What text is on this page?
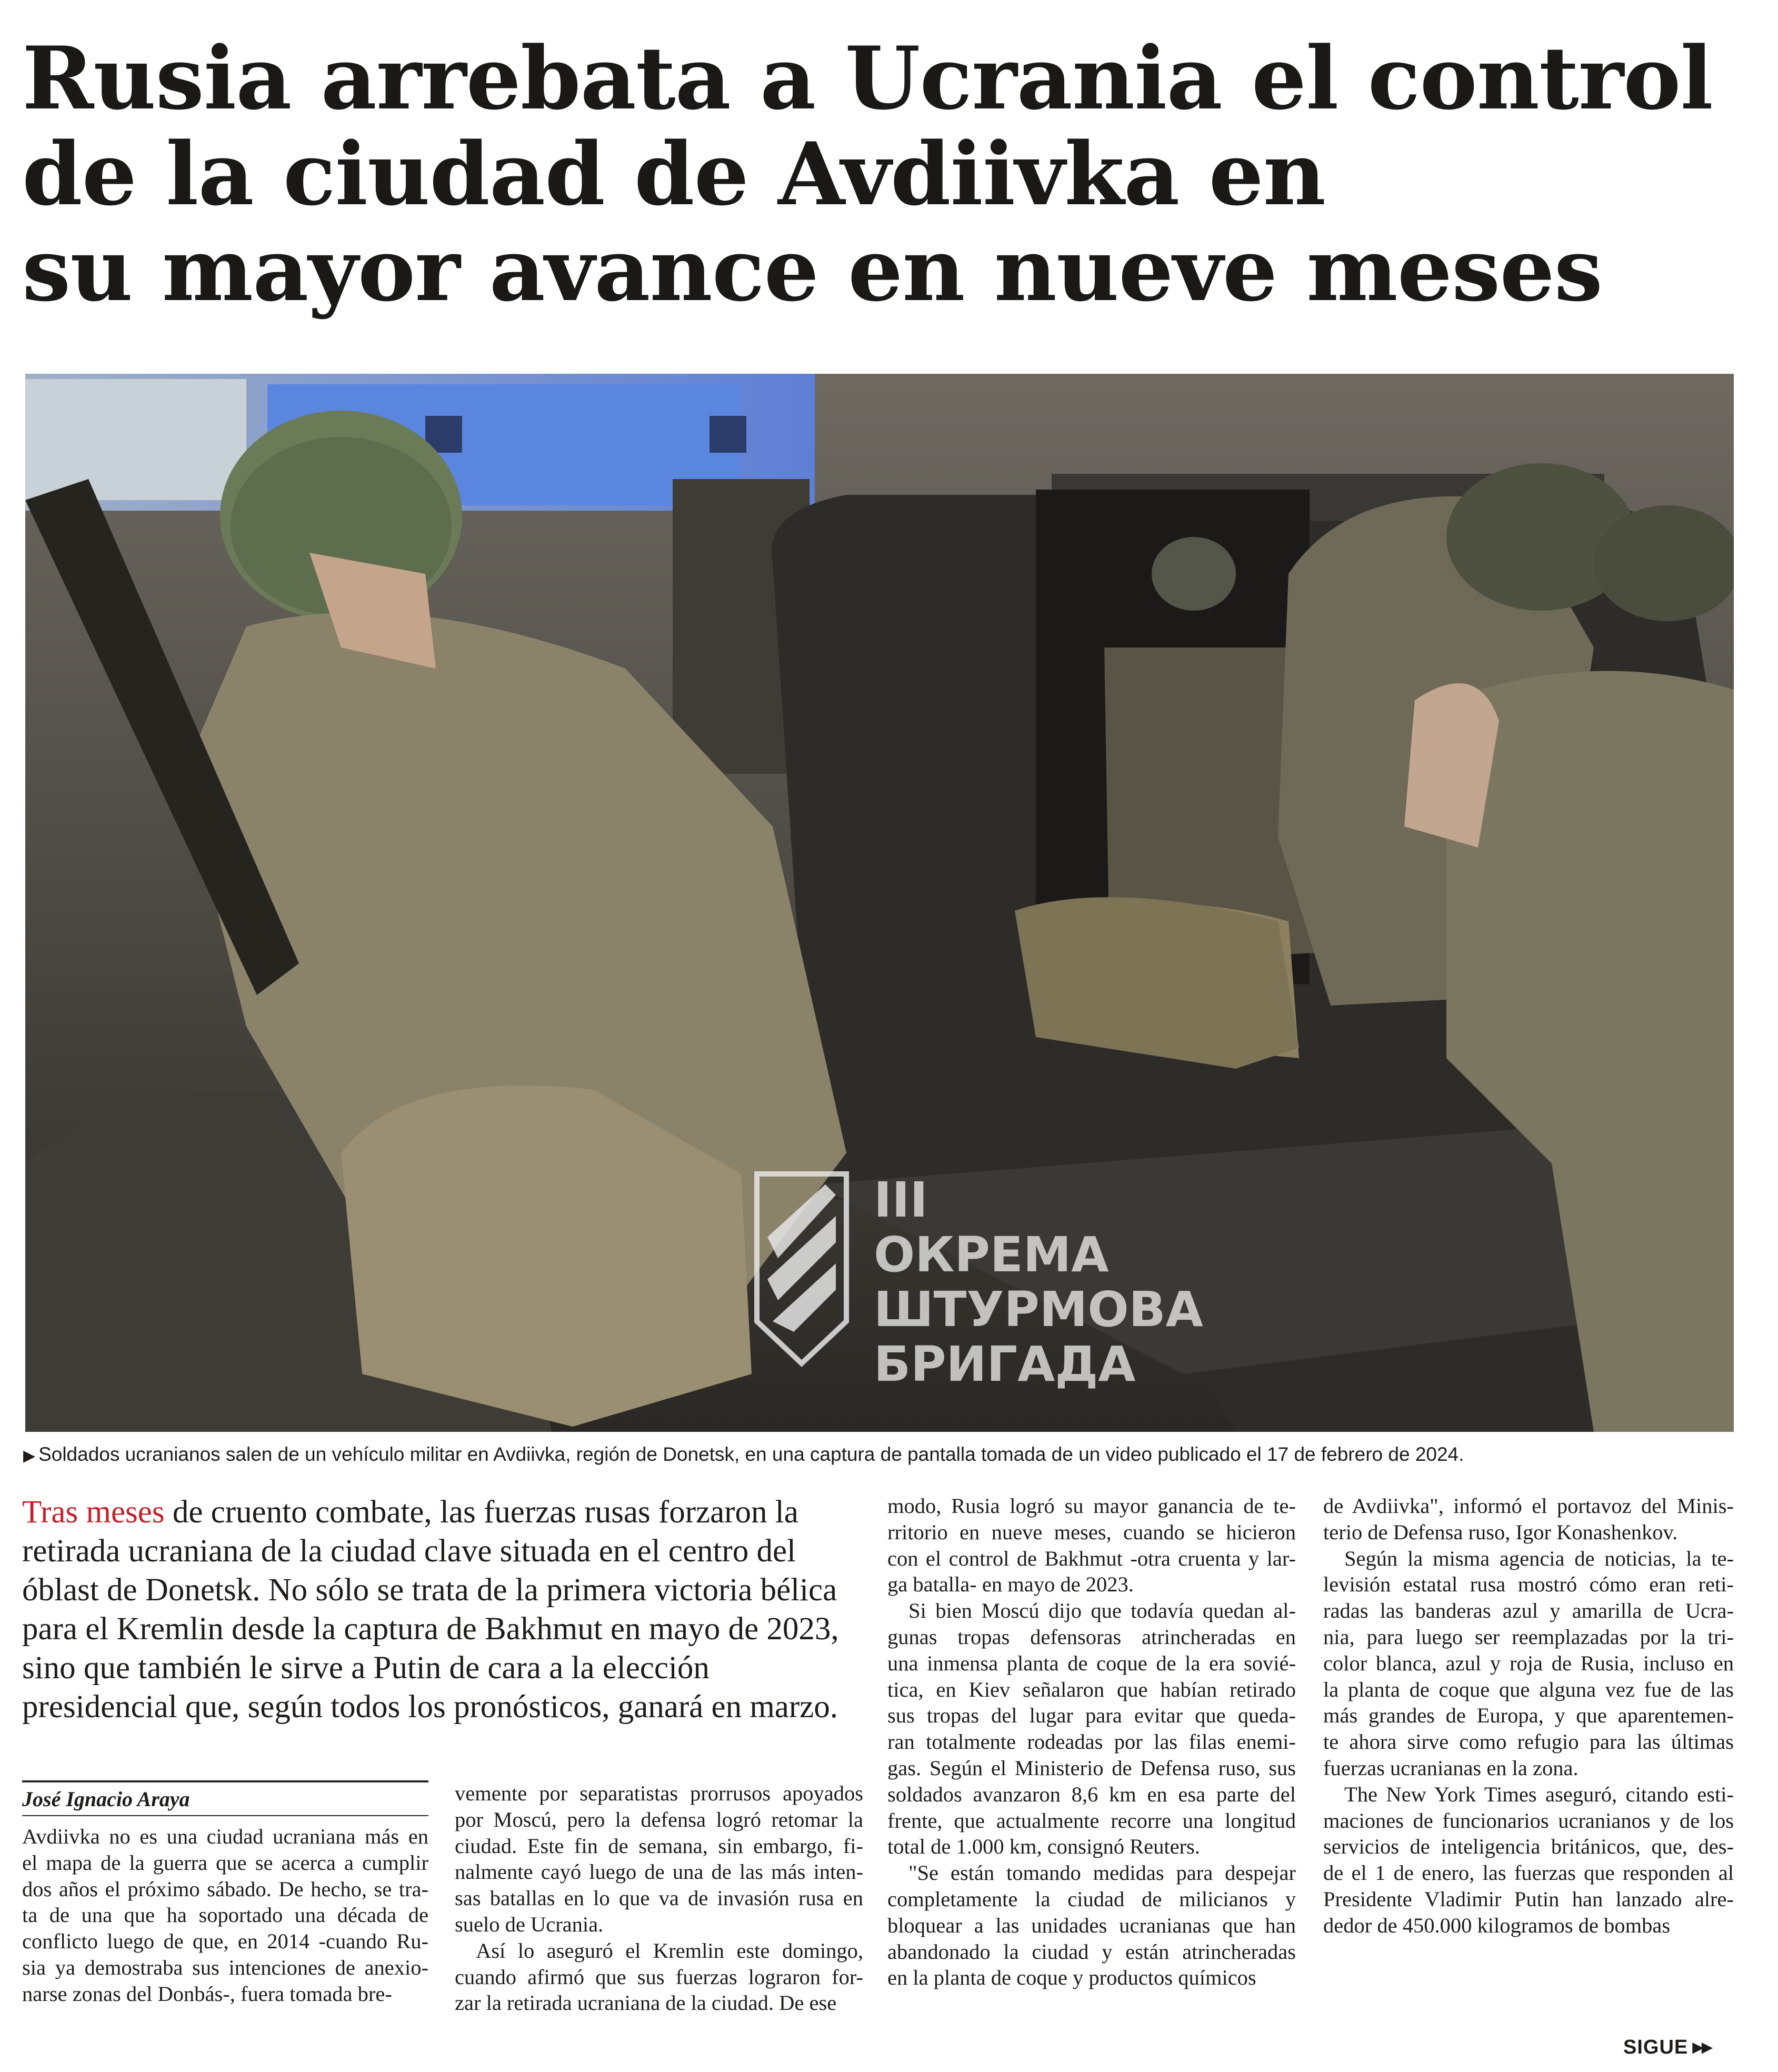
Rusia arrebata a Ucrania el control
de la ciudad de Avdiivka en
su mayor avance en nueve meses
III
ОКРЕМА
ШТУРМОВА
БРИГАДА
▶ Soldados ucranianos salen de un vehículo militar en Avdiivka, región de Donetsk, en una captura de pantalla tomada de un video publicado el 17 de febrero de 2024.
Tras meses de cruento combate, las fuerzas rusas forzaron la
retirada ucraniana de la ciudad clave situada en el centro del
óblast de Donetsk. No sólo se trata de la primera victoria bélica
para el Kremlin desde la captura de Bakhmut en mayo de 2023,
sino que también le sirve a Putin de cara a la elección
presidencial que, según todos los pronósticos, ganará en marzo.
José Ignacio Araya
Avdiivka no es una ciudad ucraniana más en
el mapa de la guerra que se acerca a cumplir
dos años el próximo sábado. De hecho, se tra-
ta de una que ha soportado una década de
conflicto luego de que, en 2014 -cuando Ru-
sia ya demostraba sus intenciones de anexio-
narse zonas del Donbás-, fuera tomada bre-
vemente por separatistas prorrusos apoyados
por Moscú, pero la defensa logró retomar la
ciudad. Este fin de semana, sin embargo, fi-
nalmente cayó luego de una de las más inten-
sas batallas en lo que va de invasión rusa en
suelo de Ucrania.
Así lo aseguró el Kremlin este domingo,
cuando afirmó que sus fuerzas lograron for-
zar la retirada ucraniana de la ciudad. De ese
modo, Rusia logró su mayor ganancia de te-
rritorio en nueve meses, cuando se hicieron
con el control de Bakhmut -otra cruenta y lar-
ga batalla- en mayo de 2023.
Si bien Moscú dijo que todavía quedan al-
gunas tropas defensoras atrincheradas en
una inmensa planta de coque de la era sovié-
tica, en Kiev señalaron que habían retirado
sus tropas del lugar para evitar que queda-
ran totalmente rodeadas por las filas enemi-
gas. Según el Ministerio de Defensa ruso, sus
soldados avanzaron 8,6 km en esa parte del
frente, que actualmente recorre una longitud
total de 1.000 km, consignó Reuters.
"Se están tomando medidas para despejar
completamente la ciudad de milicianos y
bloquear a las unidades ucranianas que han
abandonado la ciudad y están atrincheradas
en la planta de coque y productos químicos
de Avdiivka", informó el portavoz del Minis-
terio de Defensa ruso, Igor Konashenkov.
Según la misma agencia de noticias, la te-
levisión estatal rusa mostró cómo eran reti-
radas las banderas azul y amarilla de Ucra-
nia, para luego ser reemplazadas por la tri-
color blanca, azul y roja de Rusia, incluso en
la planta de coque que alguna vez fue de las
más grandes de Europa, y que aparentemen-
te ahora sirve como refugio para las últimas
fuerzas ucranianas en la zona.
The New York Times aseguró, citando esti-
maciones de funcionarios ucranianos y de los
servicios de inteligencia británicos, que, des-
de el 1 de enero, las fuerzas que responden al
Presidente Vladimir Putin han lanzado alre-
dedor de 450.000 kilogramos de bombas
SIGUE ▶▶
